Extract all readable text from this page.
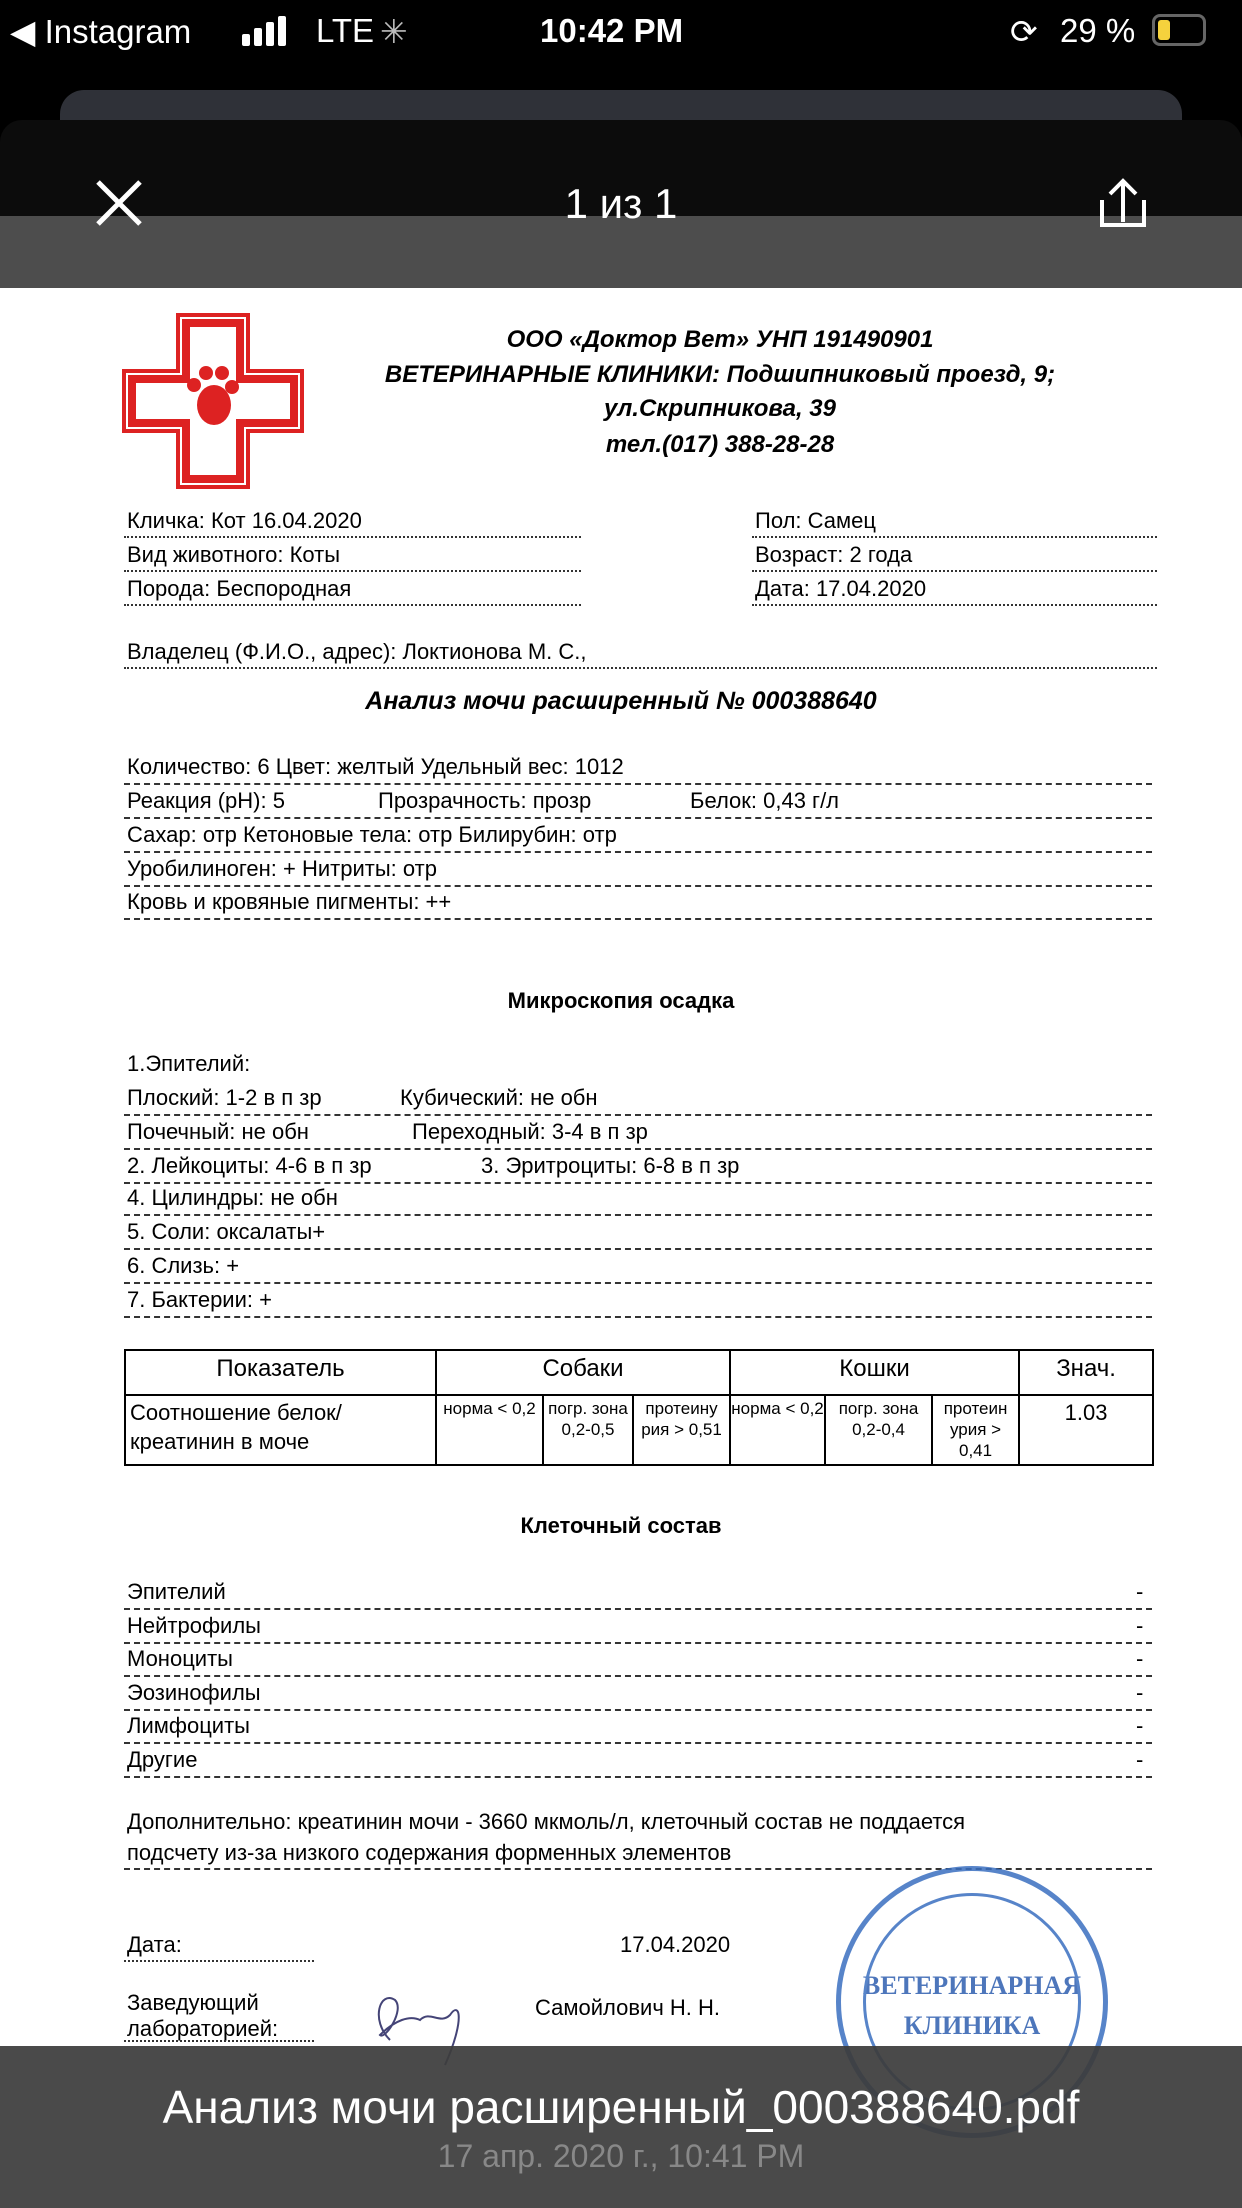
◀ Instagram	LTE ✳	10:42 PM	⟳ 29 %
1 из 1
ООО «Доктор Вет» УНП 191490901
ВЕТЕРИНАРНЫЕ КЛИНИКИ: Подшипниковый проезд, 9;
ул.Скрипникова, 39
тел.(017) 388-28-28
Кличка: Кот 16.04.2020
Вид животного: Коты
Порода: Беспородная
Пол: Самец
Возраст: 2 года
Дата: 17.04.2020
Владелец (Ф.И.О., адрес): Локтионова М. С.,
Анализ мочи расширенный № 000388640
Количество: 6 Цвет: желтый Удельный вес: 1012
Реакция (pH): 5	Прозрачность: прозр	Белок: 0,43 г/л
Сахар: отр Кетоновые тела: отр Билирубин: отр
Уробилиноген: + Нитриты: отр
Кровь и кровяные пигменты: ++
Микроскопия осадка
1.Эпителий:
Плоский: 1-2 в п зр	Кубический: не обн
Почечный: не обн	Переходный: 3-4 в п зр
2. Лейкоциты: 4-6 в п зр	3. Эритроциты: 6-8 в п зр
4. Цилиндры: не обн
5. Соли: оксалаты+
6. Слизь: +
7. Бактерии: +
Показатель	Собаки			Кошки			Знач.
Соотношение белок/креатинин в моче	норма < 0,2	погр. зона 0,2-0,5	протеину рия > 0,51	норма < 0,2	погр. зона 0,2-0,4	протеин урия > 0,41	1.03
Клеточный состав
Эпителий	-
Нейтрофилы	-
Моноциты	-
Эозинофилы	-
Лимфоциты	-
Другие	-
Дополнительно: креатинин мочи - 3660 мкмоль/л, клеточный состав не поддается
подсчету из-за низкого содержания форменных элементов
Дата:	17.04.2020
Заведующий
лабораторией:
Самойлович Н. Н.
ВЕТЕРИНАРНАЯ
КЛИНИКА
Анализ мочи расширенный_000388640.pdf
17 апр. 2020 г., 10:41 PM
